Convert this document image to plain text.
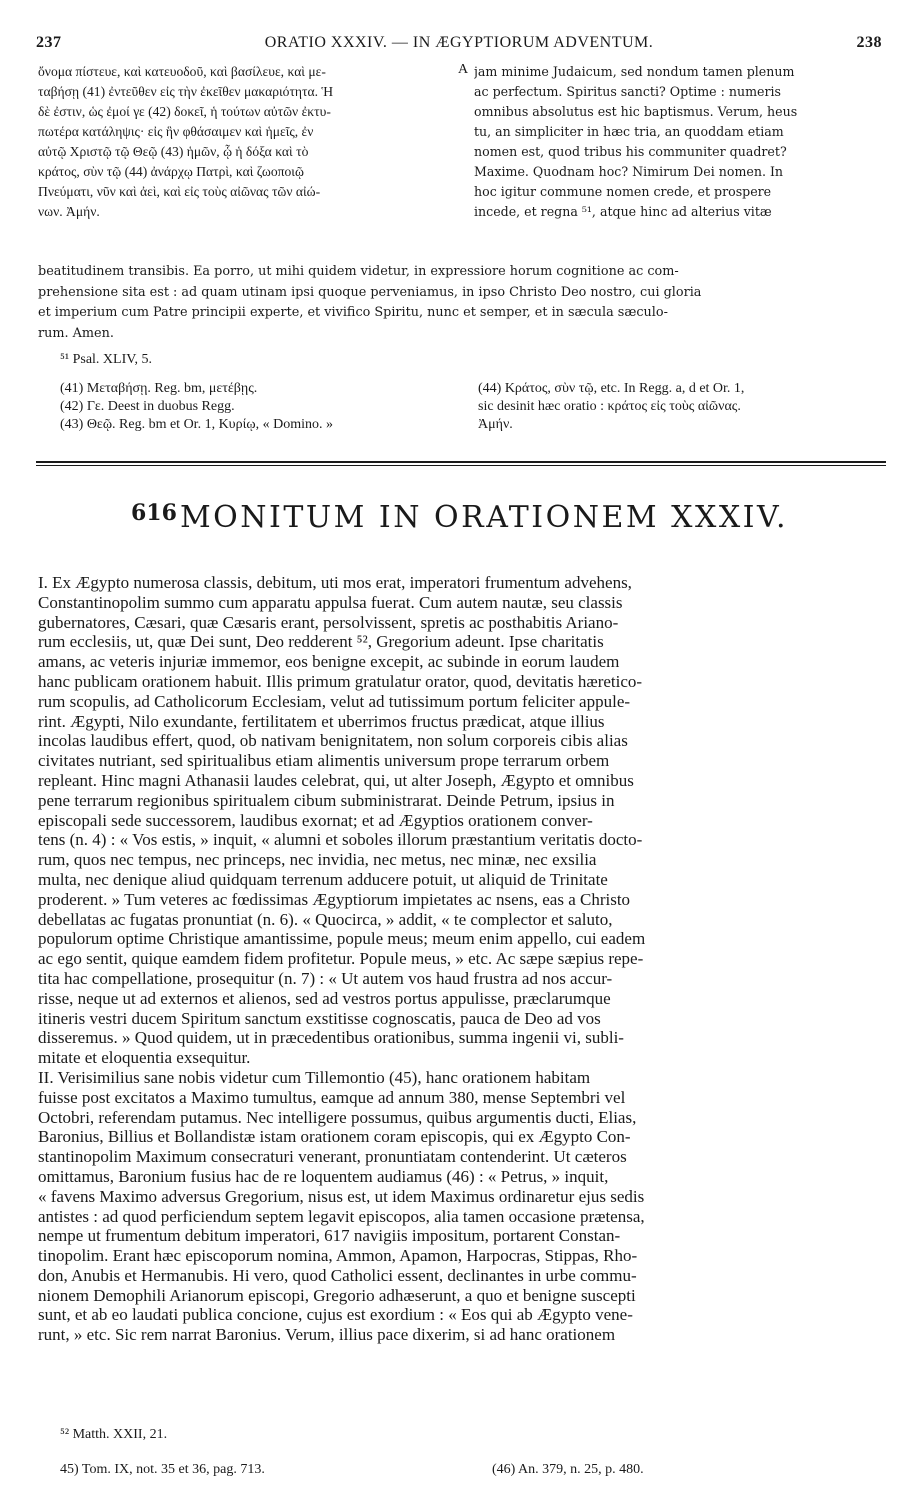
237	ORATIO XXXIV. — IN ÆGYPTIORUM ADVENTUM.	238
ὄνομα πίστευε, καὶ κατευοδοῦ, καὶ βασίλευε, καὶ με-
ταβήσῃ (41) ἐντεῦθεν εἰς τὴν ἐκεῖθεν μακαριότητα. Ἡ
δὲ ἐστιν, ὡς ἐμοί γε (42) δοκεῖ, ἡ τούτων αὐτῶν ἐκτυ-
πωτέρα κατάληψις· εἰς ἣν φθάσαιμεν καὶ ἡμεῖς, ἐν
αὐτῷ Χριστῷ τῷ Θεῷ (43) ἡμῶν, ᾧ ἡ δόξα καὶ τὸ
κράτος, σὺν τῷ (44) ἀνάρχῳ Πατρὶ, καὶ ζωοποιῷ
Πνεύματι, νῦν καὶ ἀεὶ, καὶ εἰς τοὺς αἰῶνας τῶν αἰώ-
νων. Ἀμήν.
A jam minime Judaicum, sed nondum tamen plenum
ac perfectum. Spiritus sancti? Optime : numeris
omnibus absolutus est hic baptismus. Verum, heus
tu, an simpliciter in hæc tria, an quoddam etiam
nomen est, quod tribus his communiter quadret?
Maxime. Quodnam hoc? Nimirum Dei nomen. In
hoc igitur commune nomen crede, et prospere
incede, et regna ⁵¹, atque hinc ad alterius vitæ
beatitudinem transibis. Ea porro, ut mihi quidem videtur, in expressiore horum cognitione ac com-
prehensione sita est : ad quam utinam ipsi quoque perveniamus, in ipso Christo Deo nostro, cui gloria
et imperium cum Patre principii experte, et vivifico Spiritu, nunc et semper, et in sæcula sæculo-
rum. Amen.
⁵¹ Psal. XLIV, 5.
(41) Μεταβήσῃ. Reg. bm, μετέβῃς.
(42) Γε. Deest in duobus Regg.
(43) Θεῷ. Reg. bm et Or. 1, Κυρίῳ, « Domino. »
(44) Κράτος, σὺν τῷ, etc. In Regg. a, d et Or. 1,
sic desinit hæc oratio : κράτος εἰς τοὺς αἰῶνας.
Ἀμήν.
$^{616}$ MONITUM IN ORATIONEM XXXIV.
I. Ex Ægypto numerosa classis, debitum, uti mos erat, imperatori frumentum advehens,
Constantinopolim summo cum apparatu appulsa fuerat. Cum autem nautæ, seu classis
gubernatores, Cæsari, quæ Cæsaris erant, persolvissent, spretis ac posthabitis Ariano-
rum ecclesiis, ut, quæ Dei sunt, Deo redderent ⁵², Gregorium adeunt. Ipse charitatis
amans, ac veteris injuriæ immemor, eos benigne excepit, ac subinde in eorum laudem
hanc publicam orationem habuit. Illis primum gratulatur orator, quod, devitatis hæretico-
rum scopulis, ad Catholicorum Ecclesiam, velut ad tutissimum portum feliciter appule-
rint. Ægypti, Nilo exundante, fertilitatem et uberrimos fructus prædicat, atque illius
incolas laudibus effert, quod, ob nativam benignitatem, non solum corporeis cibis alias
civitates nutriant, sed spiritualibus etiam alimentis universum prope terrarum orbem
repleant. Hinc magni Athanasii laudes celebrat, qui, ut alter Joseph, Ægypto et omnibus
pene terrarum regionibus spiritualem cibum subministrarat. Deinde Petrum, ipsius in
episcopali sede successorem, laudibus exornat; et ad Ægyptios orationem conver-
tens (n. 4) : « Vos estis, » inquit, « alumni et soboles illorum præstantium veritatis docto-
rum, quos nec tempus, nec princeps, nec invidia, nec metus, nec minæ, nec exsilia
multa, nec denique aliud quidquam terrenum adducere potuit, ut aliquid de Trinitate
proderent. » Tum veteres ac fœdissimas Ægyptiorum impietates ac nsens, eas a Christo
debellatas ac fugatas pronuntiat (n. 6). « Quocirca, » addit, « te complector et saluto,
populorum optime Christique amantissime, popule meus; meum enim appello, cui eadem
ac ego sentit, quique eamdem fidem profitetur. Popule meus, » etc. Ac sæpe sæpius repe-
tita hac compellatione, prosequitur (n. 7) : « Ut autem vos haud frustra ad nos accur-
risse, neque ut ad externos et alienos, sed ad vestros portus appulisse, præclarumque
itineris vestri ducem Spiritum sanctum exstitisse cognoscatis, pauca de Deo ad vos
disseremus. » Quod quidem, ut in præcedentibus orationibus, summa ingenii vi, subli-
mitate et eloquentia exsequitur.
II. Verisimilius sane nobis videtur cum Tillemontio (45), hanc orationem habitam
fuisse post excitatos a Maximo tumultus, eamque ad annum 380, mense Septembri vel
Octobri, referendam putamus. Nec intelligere possumus, quibus argumentis ducti, Elias,
Baronius, Billius et Bollandistæ istam orationem coram episcopis, qui ex Ægypto Con-
stantinopolim Maximum consecraturi venerant, pronuntiatam contenderint. Ut cæteros
omittamus, Baronium fusius hac de re loquentem audiamus (46) : « Petrus, » inquit,
« favens Maximo adversus Gregorium, nisus est, ut idem Maximus ordinaretur ejus sedis
antistes : ad quod perficiendum septem legavit episcopos, alia tamen occasione prætensa,
nempe ut frumentum debitum imperatori, 617 navigiis impositum, portarent Constan-
tinopolim. Erant hæc episcoporum nomina, Ammon, Apamon, Harpocras, Stippas, Rho-
don, Anubis et Hermanubis. Hi vero, quod Catholici essent, declinantes in urbe commu-
nionem Demophili Arianorum episcopi, Gregorio adhæserunt, a quo et benigne suscepti
sunt, et ab eo laudati publica concione, cujus est exordium : « Eos qui ab Ægypto vene-
runt, » etc. Sic rem narrat Baronius. Verum, illius pace dixerim, si ad hanc orationem
⁵² Matth. XXII, 21.
45) Tom. IX, not. 35 et 36, pag. 713.	(46) An. 379, n. 25, p. 480.
